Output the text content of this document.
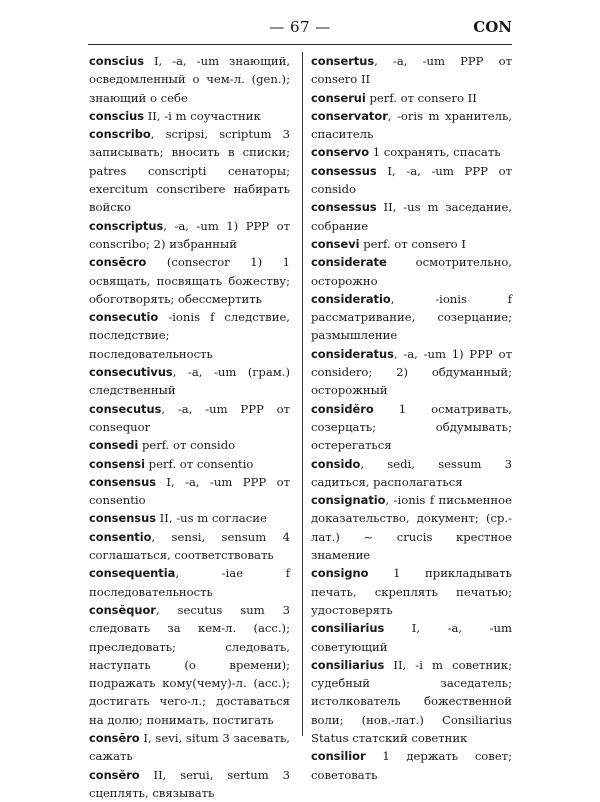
— 67 —	CON
conscius I, -a, -um знающий, осведомленный о чем-л. (gen.); знающий о себе
conscius II, -i m соучастник
conscribo, scripsi, scriptum 3 записывать; вносить в списки; patres conscripti сенаторы; exercitum conscribere набирать войско
conscriptus, -a, -um 1) PPP от conscribo; 2) избранный
consēcro (consecror 1) 1 освящать, посвящать божеству; обоготворять; обессмертить
consecutio -ionis f следствие, последствие; последовательность
consecutivus, -a, -um (грам.) следственный
consecutus, -a, -um PPP от consequor
consedi perf. от consido
consensi perf. от consentio
consensus I, -a, -um PPP от consentio
consensus II, -us m согласие
consentio, sensi, sensum 4 соглашаться, соответствовать
consequentia, -iae f последовательность
consĕquor, secutus sum 3 следовать за кем-л. (acc.); преследовать; следовать, наступать (о времени); подражать кому(чему)-л. (acc.); достигать чего-л.; доставаться на долю; понимать, постигать
consēro I, sevi, situm 3 засевать, сажать
consĕro II, serui, sertum 3 сцеплять, связывать
consertus, -a, -um PPP от consero II
conserui perf. от consero II
conservator, -oris m хранитель, спаситель
conservo 1 сохранять, спасать
consessus I, -a, -um PPP от consido
consessus II, -us m заседание, собрание
consevi perf. от consero I
considerate осмотрительно, осторожно
consideratio, -ionis f рассматривание, созерцание; размышление
consideratus, -a, -um 1) PPP от considero; 2) обдуманный; осторожный
considĕro 1 осматривать, созерцать; обдумывать; остерегаться
consido, sedi, sessum 3 садиться, располагаться
consignatio, -ionis f письменное доказательство, документ; (ср.-лат.) ~ crucis крестное знамение
consigno 1 прикладывать печать, скреплять печатью; удостоверять
consiliarius I, -a, -um советующий
consiliarius II, -i m советник; судебный заседатель; истолкователь божественной воли; (нов.-лат.) Consiliarius Status статский советник
consilior 1 держать совет; советовать
